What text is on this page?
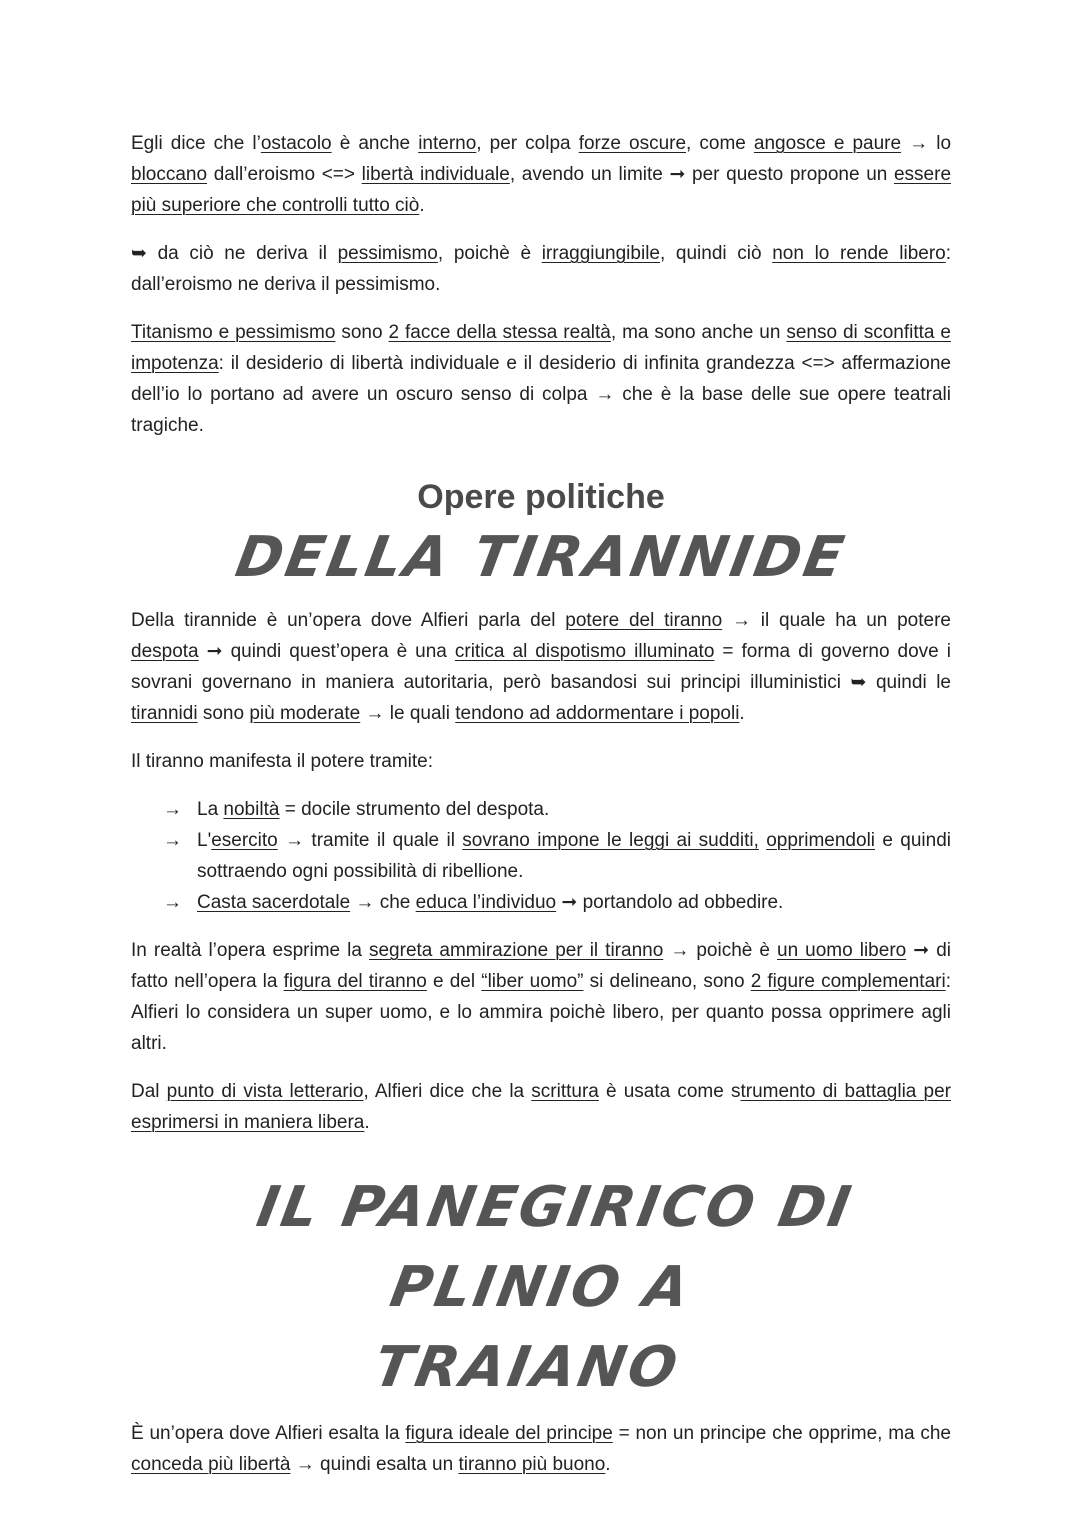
Egli dice che l’ostacolo è anche interno, per colpa forze oscure, come angosce e paure → lo bloccano dall’eroismo <=> libertà individuale, avendo un limite ➞ per questo propone un essere più superiore che controlli tutto ciò.

➥ da ciò ne deriva il pessimismo, poichè è irraggiungibile, quindi ciò non lo rende libero: dall’eroismo ne deriva il pessimismo.

Titanismo e pessimismo sono 2 facce della stessa realtà, ma sono anche un senso di sconfitta e impotenza: il desiderio di libertà individuale e il desiderio di infinita grandezza <=> affermazione dell’io lo portano ad avere un oscuro senso di colpa → che è la base delle sue opere teatrali tragiche.

Opere politiche
DELLA TIRANNIDE

Della tirannide è un’opera dove Alfieri parla del potere del tiranno → il quale ha un potere despota ➞ quindi quest’opera è una critica al dispotismo illuminato = forma di governo dove i sovrani governano in maniera autoritaria, però basandosi sui principi illuministici ➥ quindi le tirannidi sono più moderate → le quali tendono ad addormentare i popoli.

Il tiranno manifesta il potere tramite:

→ La nobiltà = docile strumento del despota.
→ L'esercito → tramite il quale il sovrano impone le leggi ai sudditi, opprimendoli e quindi sottraendo ogni possibilità di ribellione.
→ Casta sacerdotale → che educa l’individuo ➞ portandolo ad obbedire.

In realtà l’opera esprime la segreta ammirazione per il tiranno → poichè è un uomo libero ➞ di fatto nell’opera la figura del tiranno e del “liber uomo” si delineano, sono 2 figure complementari: Alfieri lo considera un super uomo, e lo ammira poichè libero, per quanto possa opprimere agli altri.

Dal punto di vista letterario, Alfieri dice che la scrittura è usata come strumento di battaglia per esprimersi in maniera libera.

IL PANEGIRICO DI PLINIO A
TRAIANO

È un’opera dove Alfieri esalta la figura ideale del principe = non un principe che opprime, ma che conceda più libertà → quindi esalta un tiranno più buono.
